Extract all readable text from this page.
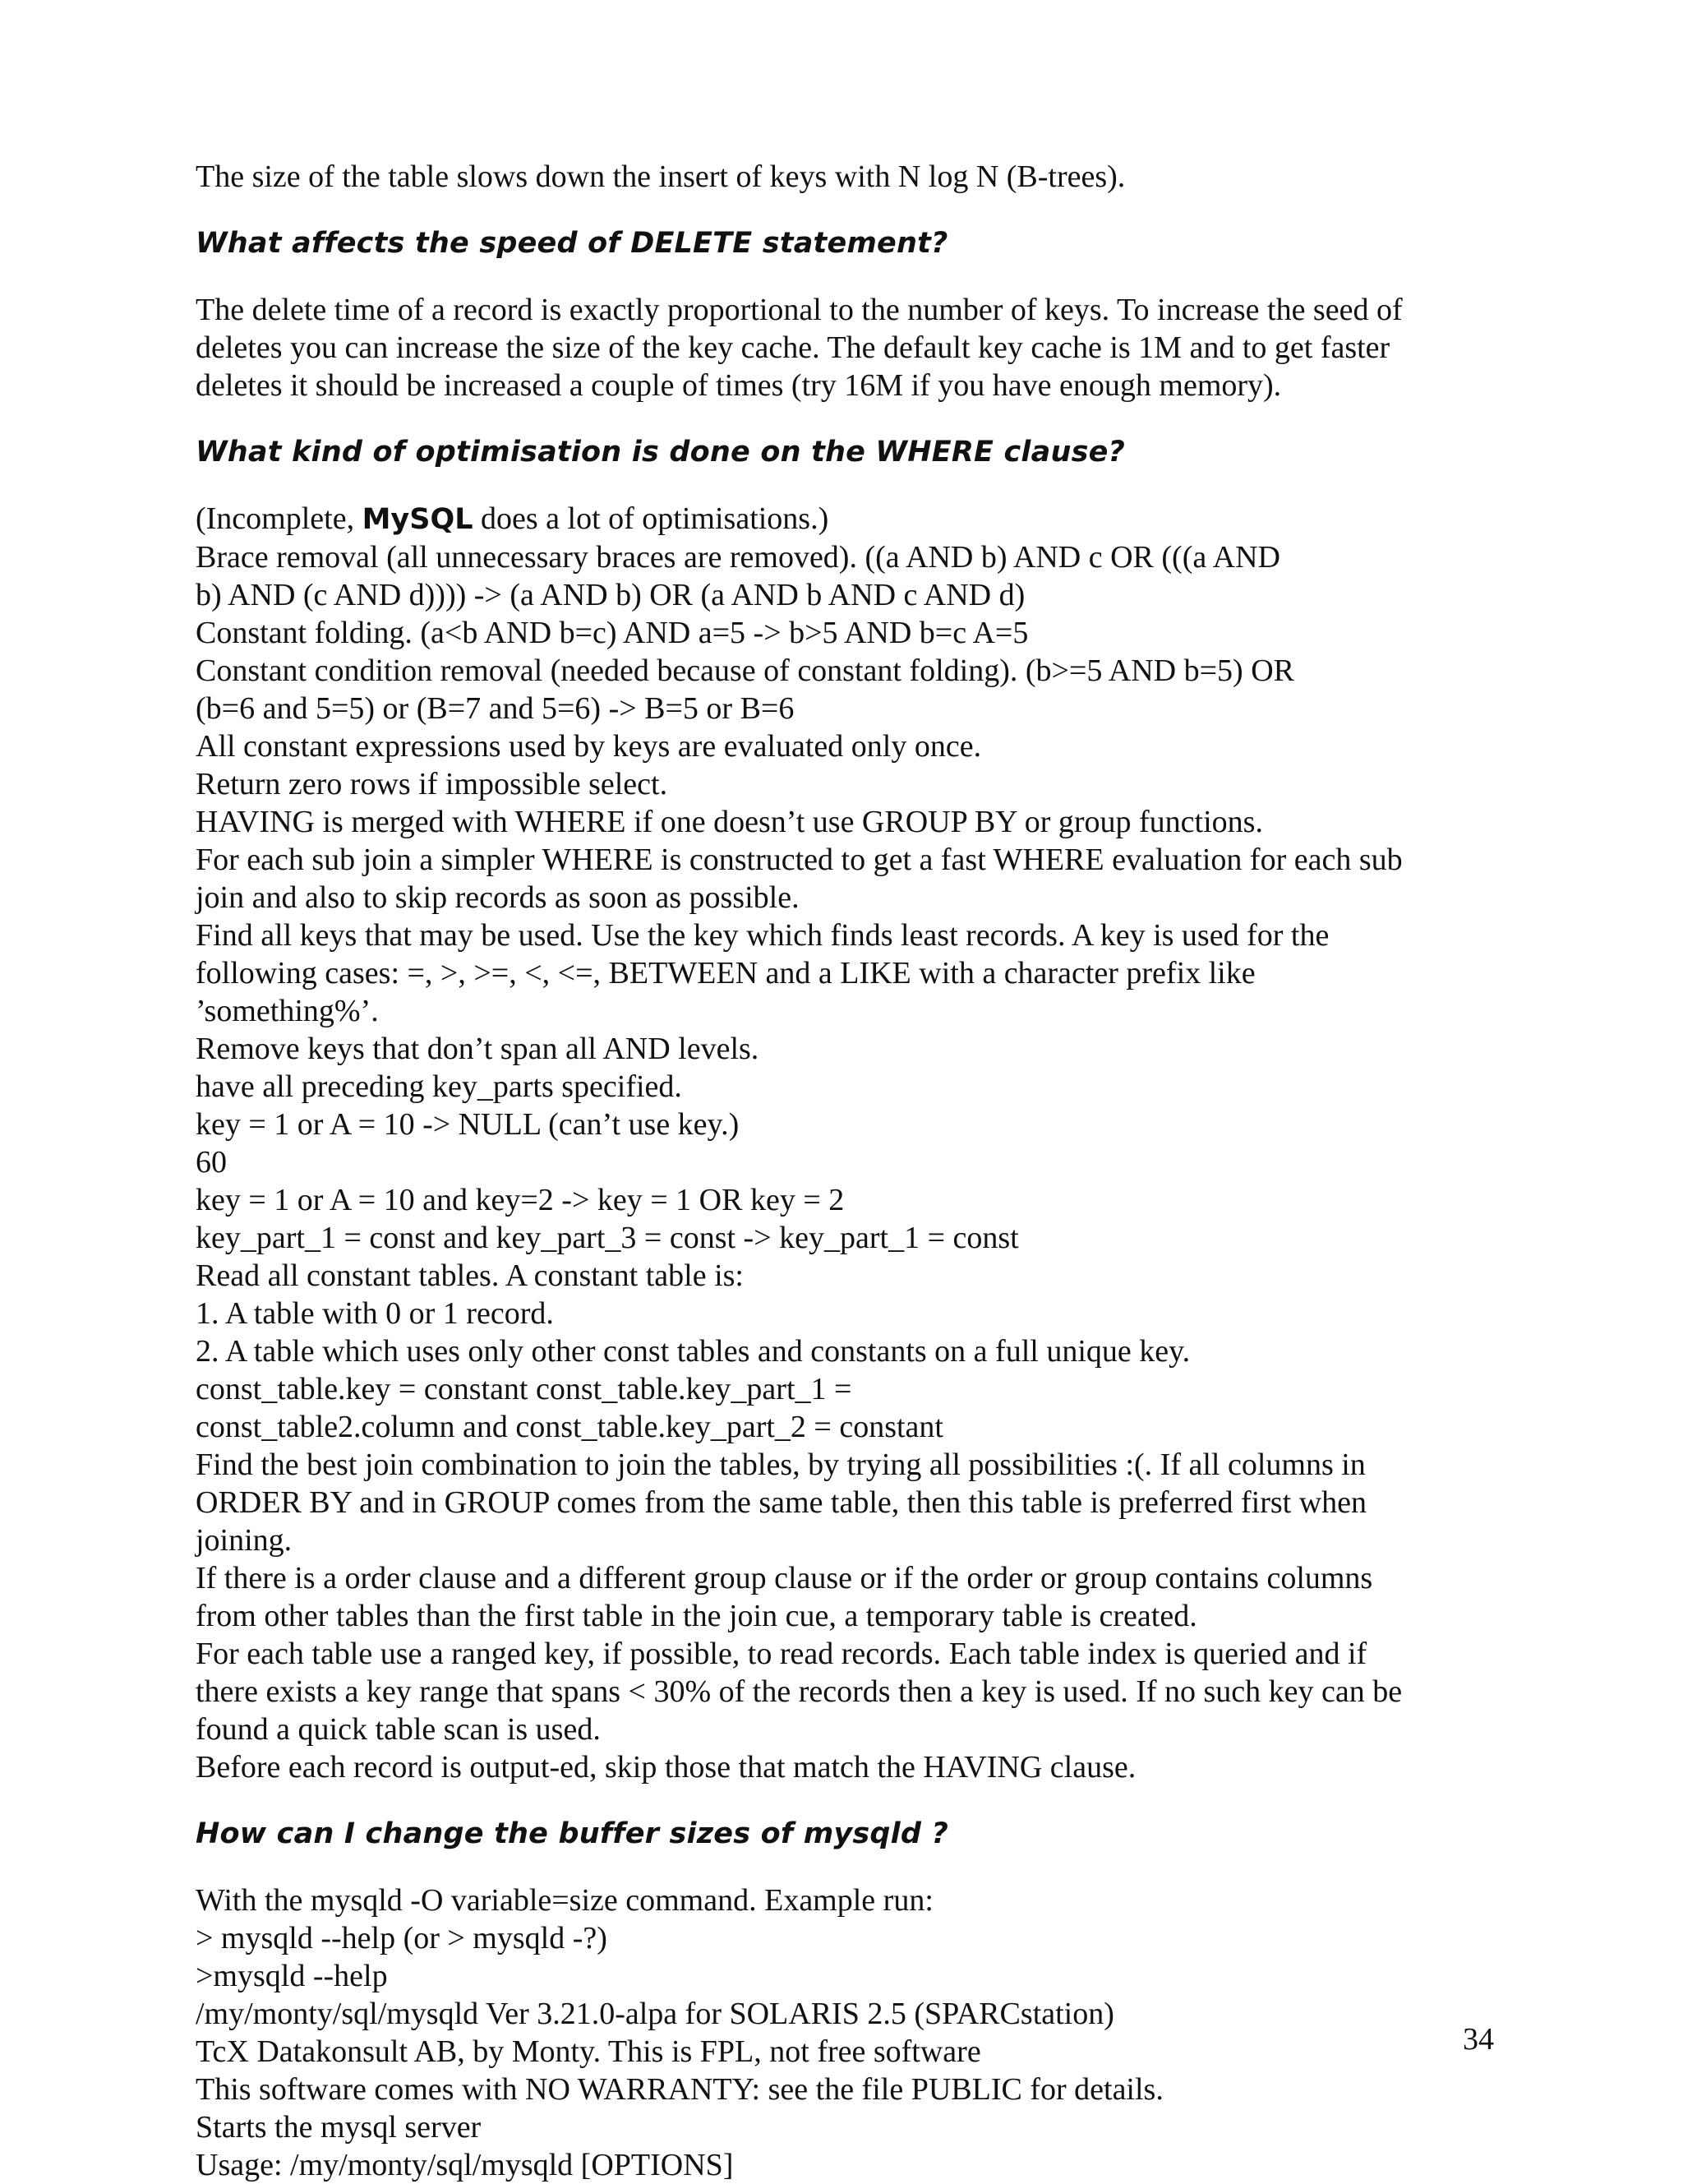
The size of the table slows down the insert of keys with N log N (B-trees).

What affects the speed of DELETE statement?

The delete time of a record is exactly proportional to the number of keys. To increase the seed of

deletes you can increase the size of the key cache. The default key cache is 1M and to get faster

deletes it should be increased a couple of times (try 16M if you have enough memory).

What kind of optimisation is done on the WHERE clause?

(Incomplete, MySQL does a lot of optimisations.)

Brace removal (all unnecessary braces are removed). ((a AND b) AND c OR (((a AND

b) AND (c AND d)))) -> (a AND b) OR (a AND b AND c AND d)

Constant folding. (a<b AND b=c) AND a=5 -> b>5 AND b=c A=5

Constant condition removal (needed because of constant folding). (b>=5 AND b=5) OR

(b=6 and 5=5) or (B=7 and 5=6) -> B=5 or B=6

All constant expressions used by keys are evaluated only once.

Return zero rows if impossible select.

HAVING is merged with WHERE if one doesn’t use GROUP BY or group functions.

For each sub join a simpler WHERE is constructed to get a fast WHERE evaluation for each sub

join and also to skip records as soon as possible.

Find all keys that may be used. Use the key which finds least records. A key is used for the

following cases: =, >, >=, <, <=, BETWEEN and a LIKE with a character prefix like

’something%’.

Remove keys that don’t span all AND levels.

have all preceding key_parts specified.

key = 1 or A = 10 -> NULL (can’t use key.)

60

key = 1 or A = 10 and key=2 -> key = 1 OR key = 2

key_part_1 = const and key_part_3 = const -> key_part_1 = const

Read all constant tables. A constant table is:

1. A table with 0 or 1 record.

2. A table which uses only other const tables and constants on a full unique key.

const_table.key = constant const_table.key_part_1 =

const_table2.column and const_table.key_part_2 = constant

Find the best join combination to join the tables, by trying all possibilities :(. If all columns in

ORDER BY and in GROUP comes from the same table, then this table is preferred first when

joining.

If there is a order clause and a different group clause or if the order or group contains columns

from other tables than the first table in the join cue, a temporary table is created.

For each table use a ranged key, if possible, to read records. Each table index is queried and if

there exists a key range that spans < 30% of the records then a key is used. If no such key can be

found a quick table scan is used.

Before each record is output-ed, skip those that match the HAVING clause.

How can I change the buffer sizes of mysqld ?

With the mysqld -O variable=size command. Example run:

> mysqld --help (or > mysqld -?)

>mysqld --help

/my/monty/sql/mysqld Ver 3.21.0-alpa for SOLARIS 2.5 (SPARCstation)

TcX Datakonsult AB, by Monty. This is FPL, not free software

This software comes with NO WARRANTY: see the file PUBLIC for details.

Starts the mysql server

Usage: /my/monty/sql/mysqld [OPTIONS]

34
